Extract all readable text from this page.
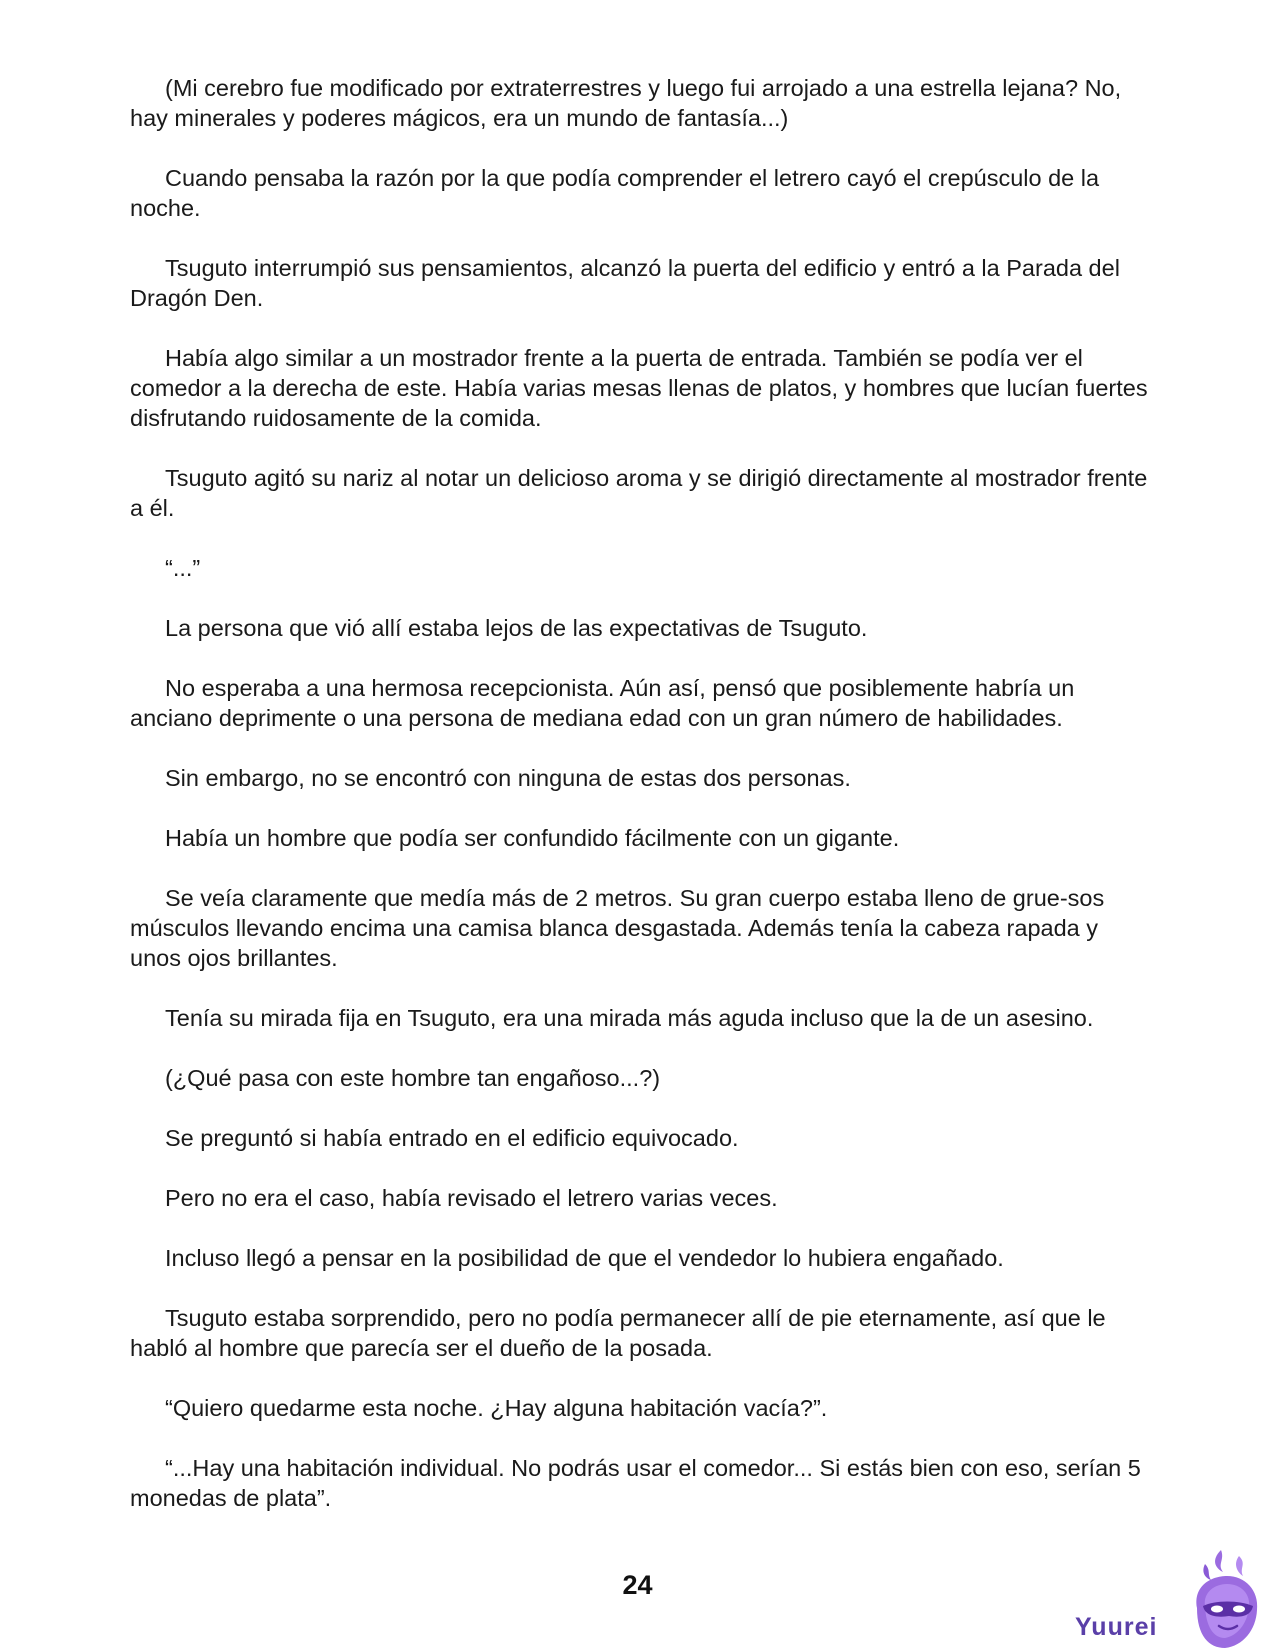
(Mi cerebro fue modificado por extraterrestres y luego fui arrojado a una estrella lejana? No, hay minerales y poderes mágicos, era un mundo de fantasía...)

Cuando pensaba la razón por la que podía comprender el letrero cayó el crepúsculo de la noche.

Tsuguto interrumpió sus pensamientos, alcanzó la puerta del edificio y entró a la Parada del Dragón Den.

Había algo similar a un mostrador frente a la puerta de entrada. También se podía ver el comedor a la derecha de este. Había varias mesas llenas de platos, y hombres que lucían fuertes disfrutando ruidosamente de la comida.

Tsuguto agitó su nariz al notar un delicioso aroma y se dirigió directamente al mostrador frente a él.

“...”

La persona que vió allí estaba lejos de las expectativas de Tsuguto.

No esperaba a una hermosa recepcionista. Aún así, pensó que posiblemente habría un anciano deprimente o una persona de mediana edad con un gran número de habilidades.

Sin embargo, no se encontró con ninguna de estas dos personas.

Había un hombre que podía ser confundido fácilmente con un gigante.

Se veía claramente que medía más de 2 metros. Su gran cuerpo estaba lleno de grue-sos músculos llevando encima una camisa blanca desgastada. Además tenía la cabeza rapada y unos ojos brillantes.

Tenía su mirada fija en Tsuguto, era una mirada más aguda incluso que la de un asesino.

(¿Qué pasa con este hombre tan engañoso...?)

Se preguntó si había entrado en el edificio equivocado.

Pero no era el caso, había revisado el letrero varias veces.

Incluso llegó a pensar en la posibilidad de que el vendedor lo hubiera engañado.

Tsuguto estaba sorprendido, pero no podía permanecer allí de pie eternamente, así que le habló al hombre que parecía ser el dueño de la posada.

“Quiero quedarme esta noche. ¿Hay alguna habitación vacía?”.

“...Hay una habitación individual. No podrás usar el comedor... Si estás bien con eso, serían 5 monedas de plata”.

24
Yuurei
